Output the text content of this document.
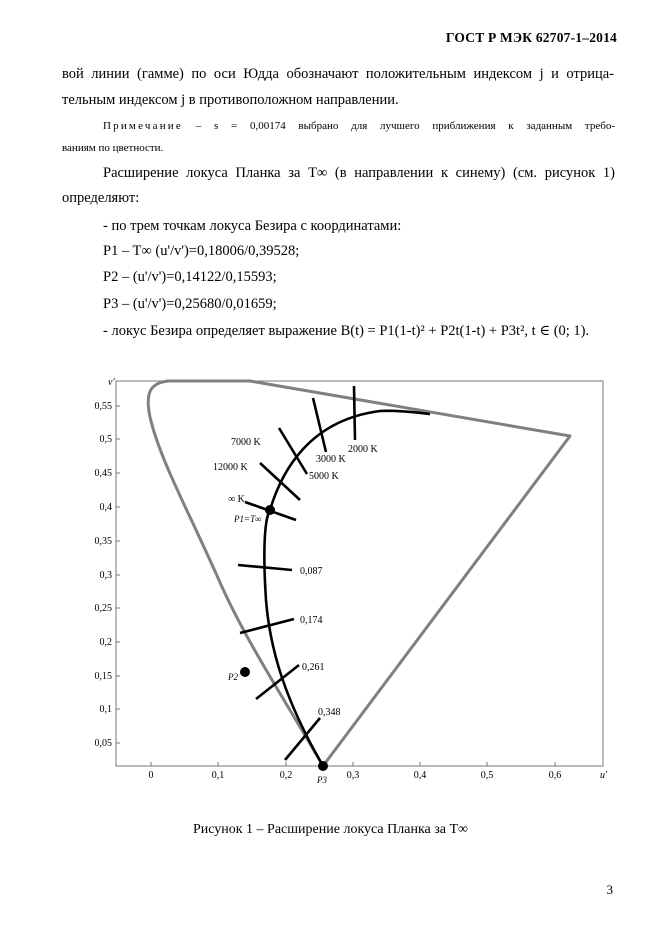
ГОСТ Р МЭК 62707-1–2014
вой линии (гамме) по оси Юдда обозначают положительным индексом j и отрица-
тельным индексом j в противоположном направлении.
Примечание – s = 0,00174 выбрано для лучшего приближения к заданным требо-
ваниям по цветности.
Расширение локуса Планка за T∞ (в направлении к синему) (см. рисунок 1)
определяют:
- по трем точкам локуса Безира с координатами:
P1 – T∞ (u'/v')=0,18006/0,39528;
P2 – (u'/v')=0,14122/0,15593;
P3 – (u'/v')=0,25680/0,01659;
- локус Безира определяет выражение B(t) = P1(1-t)² + P2t(1-t) + P3t², t ∈ (0; 1).
0,05
0,1
0,15
0,2
0,25
0,3
0,35
0,4
0,45
0,5
0,55
v'
0	0,1	0,2	0,3	0,4	0,5	0,6	u'
2000 K
3000 K
5000 K
7000 K
12000 K
∞ K
0,087
0,174
0,261
0,348
P1=T∞
P2
P3
Рисунок 1 – Расширение локуса Планка за T∞
3
